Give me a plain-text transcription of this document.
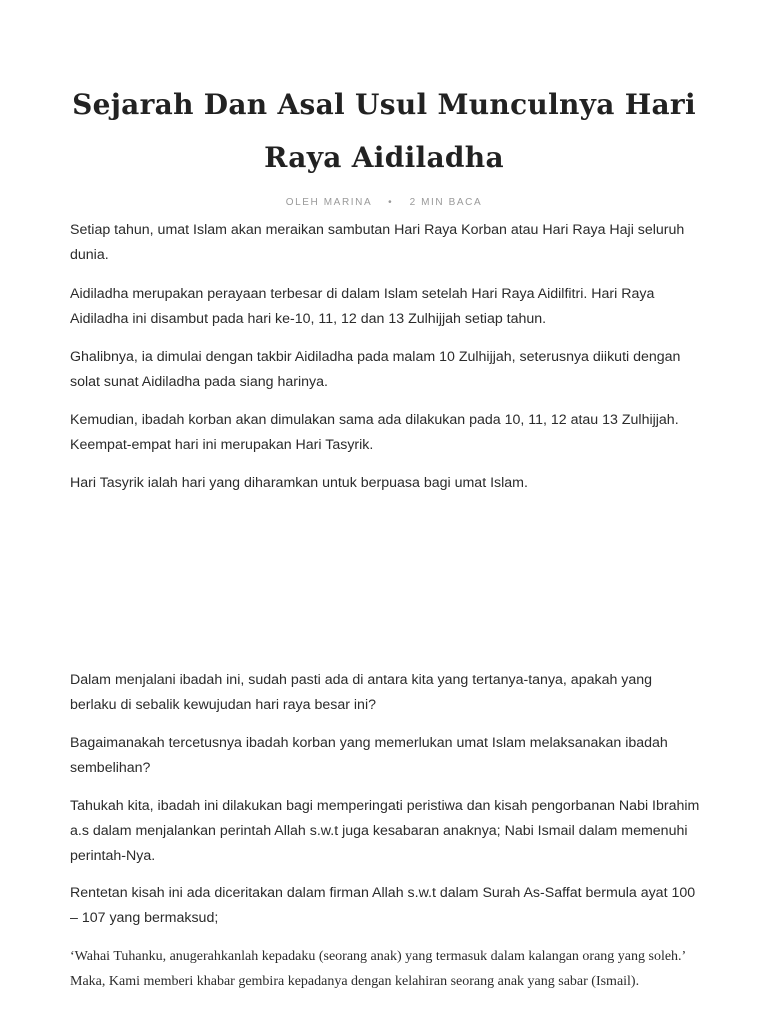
Sejarah Dan Asal Usul Munculnya Hari Raya Aidiladha
OLEH MARINA • 2 MIN BACA

Setiap tahun, umat Islam akan meraikan sambutan Hari Raya Korban atau Hari Raya Haji seluruh dunia.

Aidiladha merupakan perayaan terbesar di dalam Islam setelah Hari Raya Aidilfitri. Hari Raya Aidiladha ini disambut pada hari ke-10, 11, 12 dan 13 Zulhijjah setiap tahun.

Ghalibnya, ia dimulai dengan takbir Aidiladha pada malam 10 Zulhijjah, seterusnya diikuti dengan solat sunat Aidiladha pada siang harinya.

Kemudian, ibadah korban akan dimulakan sama ada dilakukan pada 10, 11, 12 atau 13 Zulhijjah. Keempat-empat hari ini merupakan Hari Tasyrik.

Hari Tasyrik ialah hari yang diharamkan untuk berpuasa bagi umat Islam.

Dalam menjalani ibadah ini, sudah pasti ada di antara kita yang tertanya-tanya, apakah yang berlaku di sebalik kewujudan hari raya besar ini?

Bagaimanakah tercetusnya ibadah korban yang memerlukan umat Islam melaksanakan ibadah sembelihan?

Tahukah kita, ibadah ini dilakukan bagi memperingati peristiwa dan kisah pengorbanan Nabi Ibrahim a.s dalam menjalankan perintah Allah s.w.t juga kesabaran anaknya; Nabi Ismail dalam memenuhi perintah-Nya.

Rentetan kisah ini ada diceritakan dalam firman Allah s.w.t dalam Surah As-Saffat bermula ayat 100 – 107 yang bermaksud;

‘Wahai Tuhanku, anugerahkanlah kepadaku (seorang anak) yang termasuk dalam kalangan orang yang soleh.’ Maka, Kami memberi khabar gembira kepadanya dengan kelahiran seorang anak yang sabar (Ismail).
